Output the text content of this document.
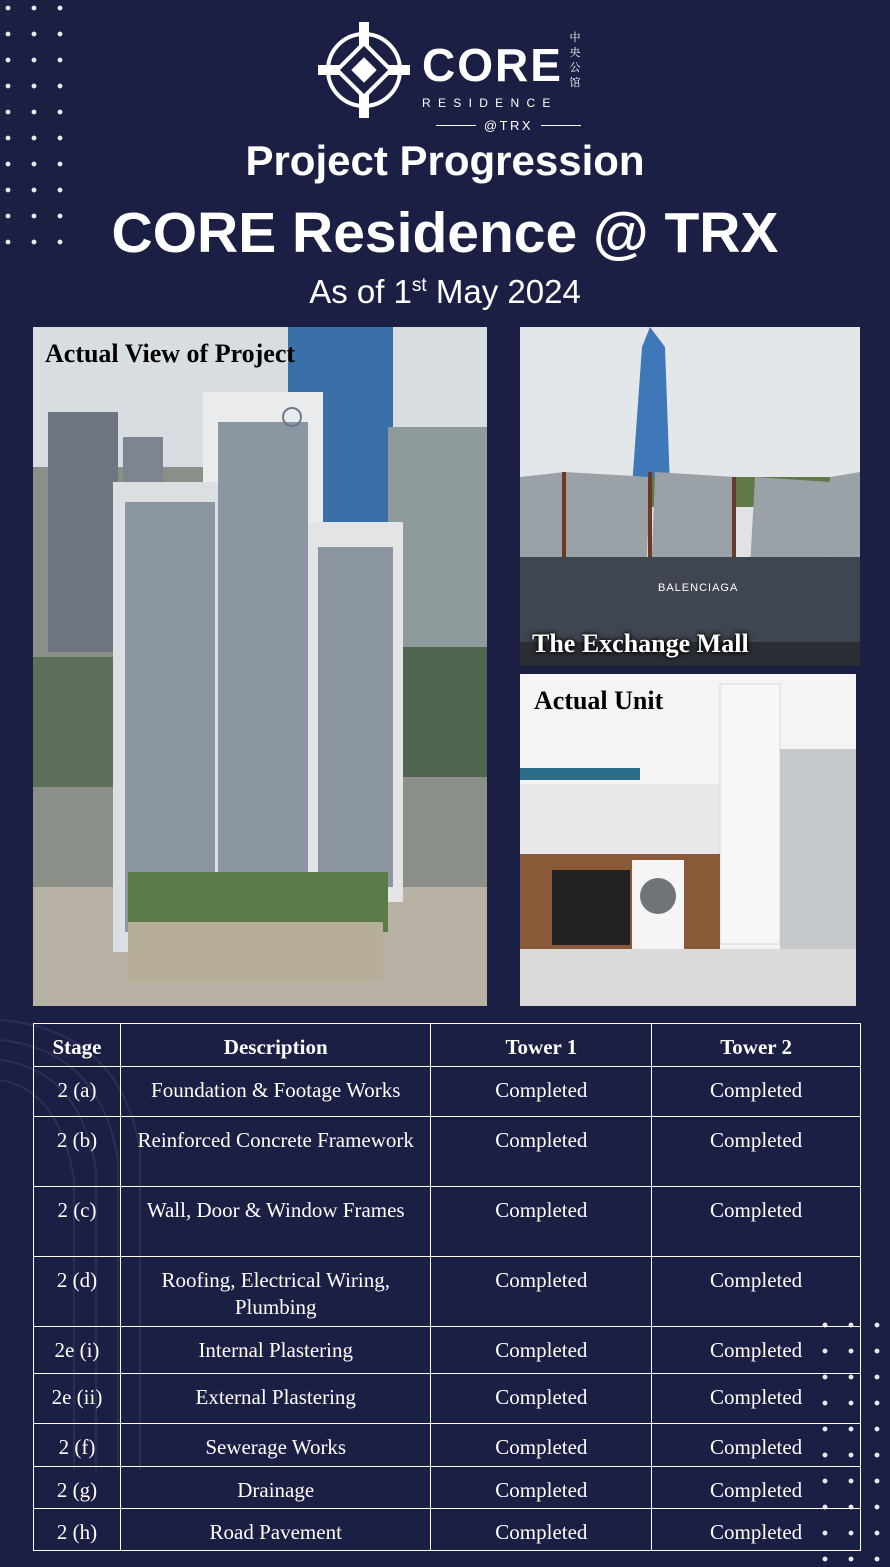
CORE
中央公馆
RESIDENCE
@TRX
Project Progression
CORE Residence @ TRX
As of 1st May 2024
Actual View of Project
BALENCIAGA
The Exchange Mall
Actual Unit
Stage	Description	Tower 1	Tower 2
2 (a)	Foundation & Footage Works	Completed	Completed
2 (b)	Reinforced Concrete Framework	Completed	Completed
2 (c)	Wall, Door & Window Frames	Completed	Completed
2 (d)	Roofing, Electrical Wiring, Plumbing	Completed	Completed
2e (i)	Internal Plastering	Completed	Completed
2e (ii)	External Plastering	Completed	Completed
2 (f)	Sewerage Works	Completed	Completed
2 (g)	Drainage	Completed	Completed
2 (h)	Road Pavement	Completed	Completed
